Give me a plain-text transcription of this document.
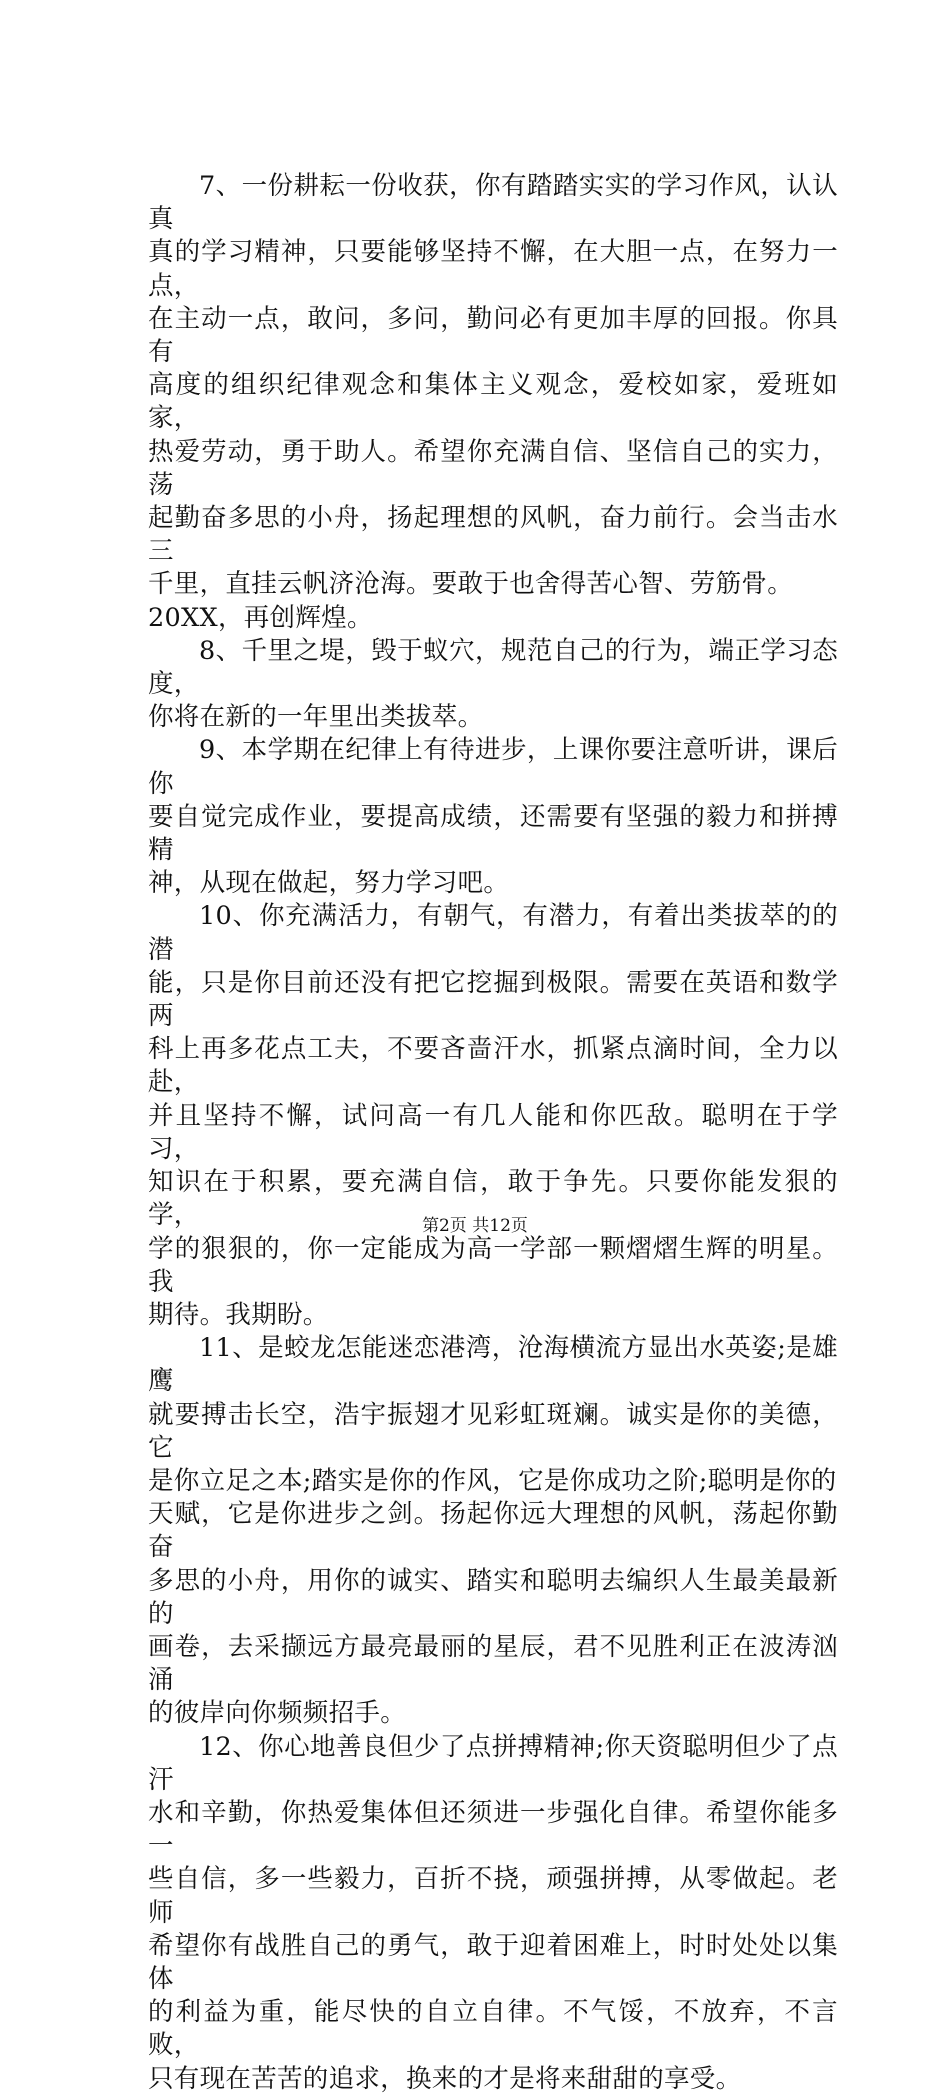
7、一份耕耘一份收获，你有踏踏实实的学习作风，认认真
真的学习精神，只要能够坚持不懈，在大胆一点，在努力一点，
在主动一点，敢问，多问，勤问必有更加丰厚的回报。你具有
高度的组织纪律观念和集体主义观念，爱校如家，爱班如家，
热爱劳动，勇于助人。希望你充满自信、坚信自己的实力，荡
起勤奋多思的小舟，扬起理想的风帆，奋力前行。会当击水三
千里，直挂云帆济沧海。要敢于也舍得苦心智、劳筋骨。
20XX，再创辉煌。

8、千里之堤，毁于蚁穴，规范自己的行为，端正学习态度，
你将在新的一年里出类拔萃。

9、本学期在纪律上有待进步，上课你要注意听讲，课后你
要自觉完成作业，要提高成绩，还需要有坚强的毅力和拼搏精
神，从现在做起，努力学习吧。

10、你充满活力，有朝气，有潜力，有着出类拔萃的的潜
能，只是你目前还没有把它挖掘到极限。需要在英语和数学两
科上再多花点工夫，不要吝啬汗水，抓紧点滴时间，全力以赴，
并且坚持不懈，试问高一有几人能和你匹敌。聪明在于学习，
知识在于积累，要充满自信，敢于争先。只要你能发狠的学，
学的狠狠的，你一定能成为高一学部一颗熠熠生辉的明星。我
期待。我期盼。

11、是蛟龙怎能迷恋港湾，沧海横流方显出水英姿;是雄鹰
就要搏击长空，浩宇振翅才见彩虹斑斓。诚实是你的美德，它
是你立足之本;踏实是你的作风，它是你成功之阶;聪明是你的
天赋，它是你进步之剑。扬起你远大理想的风帆，荡起你勤奋
多思的小舟，用你的诚实、踏实和聪明去编织人生最美最新的
画卷，去采撷远方最亮最丽的星辰，君不见胜利正在波涛汹涌
的彼岸向你频频招手。

12、你心地善良但少了点拼搏精神;你天资聪明但少了点汗
水和辛勤，你热爱集体但还须进一步强化自律。希望你能多一
些自信，多一些毅力，百折不挠，顽强拼搏，从零做起。老师
希望你有战胜自己的勇气，敢于迎着困难上，时时处处以集体
的利益为重，能尽快的自立自律。不气馁，不放弃，不言败，
只有现在苦苦的追求，换来的才是将来甜甜的享受。

第2页 共12页
